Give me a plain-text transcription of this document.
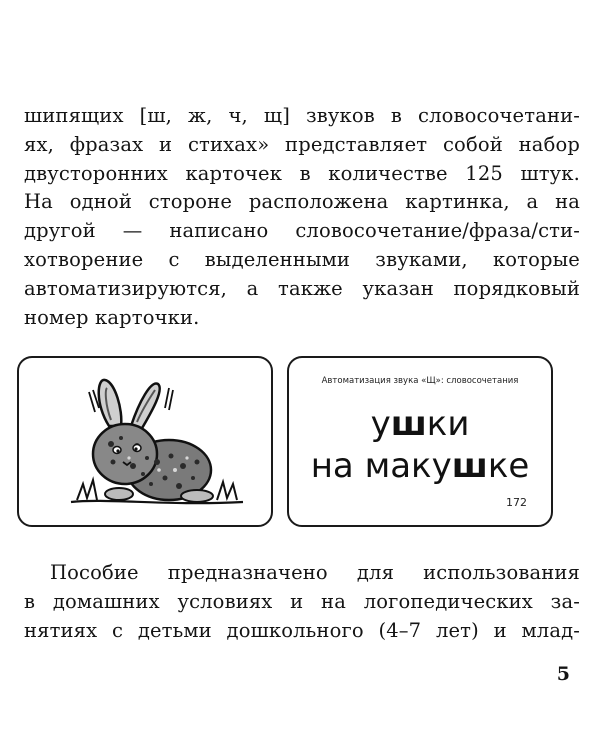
шипящих [ш, ж, ч, щ] звуков в словосочетани-
ях, фразах и стихах» представляет собой набор
двусторонних карточек в количестве 125 штук.
На одной стороне расположена картинка, а на
другой — написано словосочетание/фраза/сти-
хотворение с выделенными звуками, которые
автоматизируются, а также указан порядковый
номер карточки.
Автоматизация звука «Щ»: словосочетания
ушки
на макушке
172
Пособие предназначено для использования
в домашних условиях и на логопедических за-
нятиях с детьми дошкольного (4–7 лет) и млад-
5
